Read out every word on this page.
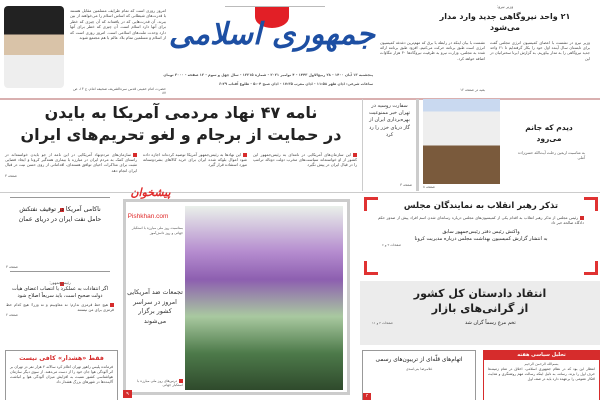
امروز روزی است که تمام طرایف مسلمین مقابل هستند با قدرت‌های شیطانی که اساس اسلام را می‌خواهند از بین ببرند. آن قدرت‌هایی که در یافته‌اند که آن چیزی که خطر برای آنها دارد اسلام است. آن چیزی که خطر برای آنها دارد وحدت ملت‌های اسلامی است. امروز روزی است که از اسلام و مسلمین تمام بلاد عالم با هم مجتمع شوند
حضرت امام خمینی قدس سره‌الشریف صحیفه امام، ج ۱۳، ص ۸۷
جمهوری اسلامی
پنجشنبه ۱۳ آبان ۱۴۰۰ - ۲۸ ربیع‌الاول ۱۴۴۳ - ۴ نوامبر ۲۰۲۱ - شماره ۱۲۲۱۵ - سال چهل و سوم - ۱۲ صفحه - ۳۰۰۰ تومان
ساعات شرعی: اذان ظهر ۱۱:۵۸ - اذان مغرب ۱۷:۳۵ - اذان صبح ۵:۰۴ - طلوع آفتاب ۶:۲۹
وزیر نیرو:
۲۱ واحد نیروگاهی جدید وارد مدار می‌شود
وزیر نیرو در نشست با اعضای کمیسیون انرژی مجلس گفت برای تابستان سال آینده اول خود را بکار گرفته‌ایم تا ۲۱ واحد جدید نیروگاهی را به مدار بیاوریم. به گزارش ایرنا سخنرانیان در این
نشست با بیان اینکه در رابطه با برق که مهم‌ترین دغدغه کمیسیون انرژی است طبق برنامه حرکت می‌کنیم، افزود طبق برنامه ارائه شده به مجلس، وزارت نیرو به ظرفیت نیروگاه‌ها ۳۰ هزار مگاوات اضافه خواهد کرد.
بقیه در صفحه ۱۲
نامه ۴۷ نهاد مردمی آمریکا به بایدن
در حمایت از برجام و لغو تحریم‌های ایران
این سازمان‌های آمریکایی در نامه‌ای به رئیس‌جمهور این کشور از او خواسته‌اند سیاست‌های مخرب دولت دونالد ترامپ را در قبال ایران در پیش نگیرد
این نهادها به رئیس‌جمهور آمریکا توصیه کرده‌اند اجازه داده شود اموال بلوکه شده ایران برای خرید کالاهای بشردوستانه مورد استفاده قرار گیرد
سازمان‌های مردم‌نهاد آمریکایی در این نامه از جو بایدن خواسته‌اند در راستای کمک به مردم ایران در مبارزه با بیماری همه‌گیر کرونا و ایجاد فضایی مثبت برای مذاکرات احیای توافق هسته‌ای، اقداماتی از روی حسن نیت در قبال ایران انجام دهد
صفحه ۳
سفارت روسیه در تهران خبر ممنوعیت بهره‌برداری ایران از گاز دریای خزر را رد کرد
صفحه ۳	صفحه ۸
دیدم که جانم می‌رود
به مناسبت اربعین رحلت آیت‌الله حسن‌زاده آملی
ناکامی آمریکا در توقیف نفتکش حامل نفت ایران در دریای عمان
صفحه ۳
رئیس‌جمهور:
اگر انتقادات به عملکرد یا انتصاب اعضای هیأت دولت صحیح است، باید سریعاً اصلاح شود
هیچ خط قرمزی ندارم؛ نه معاونینم و نه وزرا؛ هیچ کدام خط قرمزی برای من نیستند
صفحه ۲
فقط «هشدار» کافی نیست
فرمانده پلیس راهور تهران اعلام کرد سالانه ۴ هزار نفر در تهران بر اثر آلودگی هوا جان خود را از دست می‌دهند. از سوی دیگر سازمان هواشناسی کشور نسبت به افزایش میزان آلودگی هوا و انباشت آلاینده‌ها در شهرهای بزرگ هشدار داد
پیشخوان
Pishkhan.com
بمناسبت روز ملی مبارزه با استکبار جهانی و روز دانش‌آموز
تجمعات ضد آمریکایی امروز در سراسر کشور برگزار می‌شوند
درس‌های روز ملی مبارزه با استکبار جهانی
۹
تذکر رهبر انقلاب به نمایندگان مجلس
رئیس مجلس از تذکر رهبر انقلاب به اقدام یکی از کمیسیون‌های مجلس درباره رسانه‌ای شدن اسم افراد پیش از صدور حکم دادگاه صالحه خبر داد
واکنش رئیس دفتر رئیس‌جمهور سابق
به انتشار گزارش کمیسیون بهداشت مجلس درباره مدیریت کرونا
صفحات ۲ و ۶
انتقاد دادستان کل کشور
از گرانی‌های بازار
تخم مرغ رسماً گران شد
صفحات ۲ و ۱۱
اتهام‌های قلّه‌ای از تریبون‌های رسمی
غلامرضا بنی‌اسدی
۳
تحلیل سیاسی هفته
بسم‌الله الرحمن الرحیم
انتظار این بود که در نظام جمهوری اسلامی، اخلاق در تمام زمینه‌ها حرف اول را بزند. رسانه، به دلیل اینکه رسالت مهم روشنگری و هدایت افکار عمومی را برعهده دارد باید در صف اول
